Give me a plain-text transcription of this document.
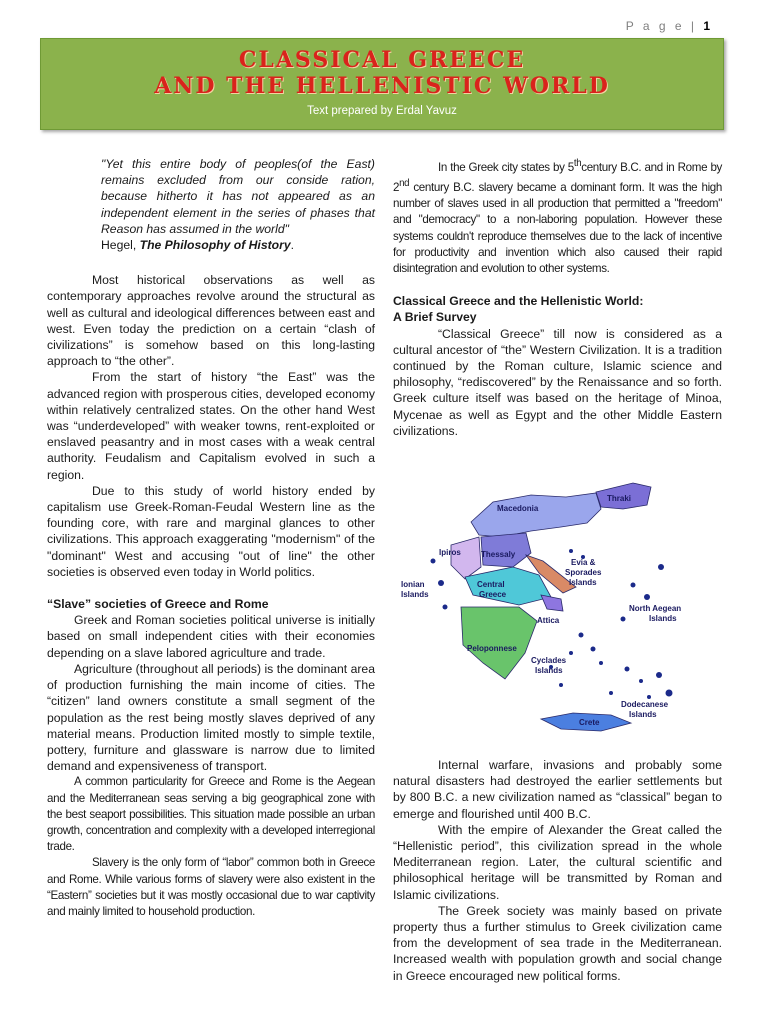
P a g e | 1
CLASSICAL GREECE
AND THE HELLENISTIC WORLD
Text prepared by Erdal Yavuz

"Yet this entire body of peoples(of the East) remains excluded from our conside ration, because hitherto it has not appeared as an independent element in the series of phases that Reason has assumed in the world"

Hegel, The Philosophy of History.

Most historical observations as well as contemporary approaches revolve around the structural as well as cultural and ideological differences between east and west. Even today the prediction on a certain “clash of civilizations” is somehow based on this long-lasting approach to “the other”.

From the start of history “the East” was the advanced region with prosperous cities, developed economy within relatively centralized states. On the other hand West was “underdeveloped” with weaker towns, rent-exploited or enslaved peasantry and in most cases with a weak central authority. Feudalism and Capitalism evolved in such a region.

Due to this study of world history ended by capitalism use Greek-Roman-Feudal Western line as the founding core, with rare and marginal glances to other civilizations. This approach exaggerating "modernism" of the "dominant" West and accusing "out of line" the other societies is observed even today in World politics.

“Slave” societies of Greece and Rome

Greek and Roman societies political universe is initially based on small independent cities with their economies depending on a slave labored agriculture and trade.

Agriculture (throughout all periods) is the dominant area of production furnishing the main income of cities. The “citizen” land owners constitute a small segment of the population as the rest being mostly slaves deprived of any material means. Production limited mostly to simple textile, pottery, furniture and glassware is narrow due to limited demand and expensiveness of transport.

A common particularity for Greece and Rome is the Aegean and the Mediterranean seas serving a big geographical zone with the best seaport possibilities. This situation made possible an urban growth, concentration and complexity with a developed interregional trade.

Slavery is the only form of “labor” common both in Greece and Rome. While various forms of slavery were also existent in the “Eastern” societies but it was mostly occasional due to war captivity and mainly limited to household production.

In the Greek city states by 5thcentury B.C. and in Rome by 2nd century B.C. slavery became a dominant form. It was the high number of slaves used in all production that permitted a "freedom" and "democracy" to a non-laboring population. However these systems couldn't reproduce themselves due to the lack of incentive for productivity and invention which also caused their rapid disintegration and evolution to other systems.

Classical Greece and the Hellenistic World:

A Brief Survey

“Classical Greece” till now is considered as a cultural ancestor of “the” Western Civilization. It is a tradition continued by the Roman culture, Islamic science and philosophy, “rediscovered” by the Renaissance and so forth. Greek culture itself was based on the heritage of Minoa, Mycenae as well as Egypt and the other Middle Eastern civilizations.

Macedonia
Thraki
Ipiros	Thessaly
Evia &
Sporades
Islands
Ionian
Islands
Central
Greece
North Aegean
Islands
Attica
Peloponnese
Cyclades
Islands
Dodecanese
Islands
Crete

Internal warfare, invasions and probably some natural disasters had destroyed the earlier settlements but by 800 B.C. a new civilization named as “classical” began to emerge and flourished until 400 B.C.

With the empire of Alexander the Great called the “Hellenistic period”, this civilization spread in the whole Mediterranean region. Later, the cultural scientific and philosophical heritage will be transmitted by Roman and Islamic civilizations.

The Greek society was mainly based on private property thus a further stimulus to Greek civilization came from the development of sea trade in the Mediterranean. Increased wealth with population growth and social change in Greece encouraged new political forms.
